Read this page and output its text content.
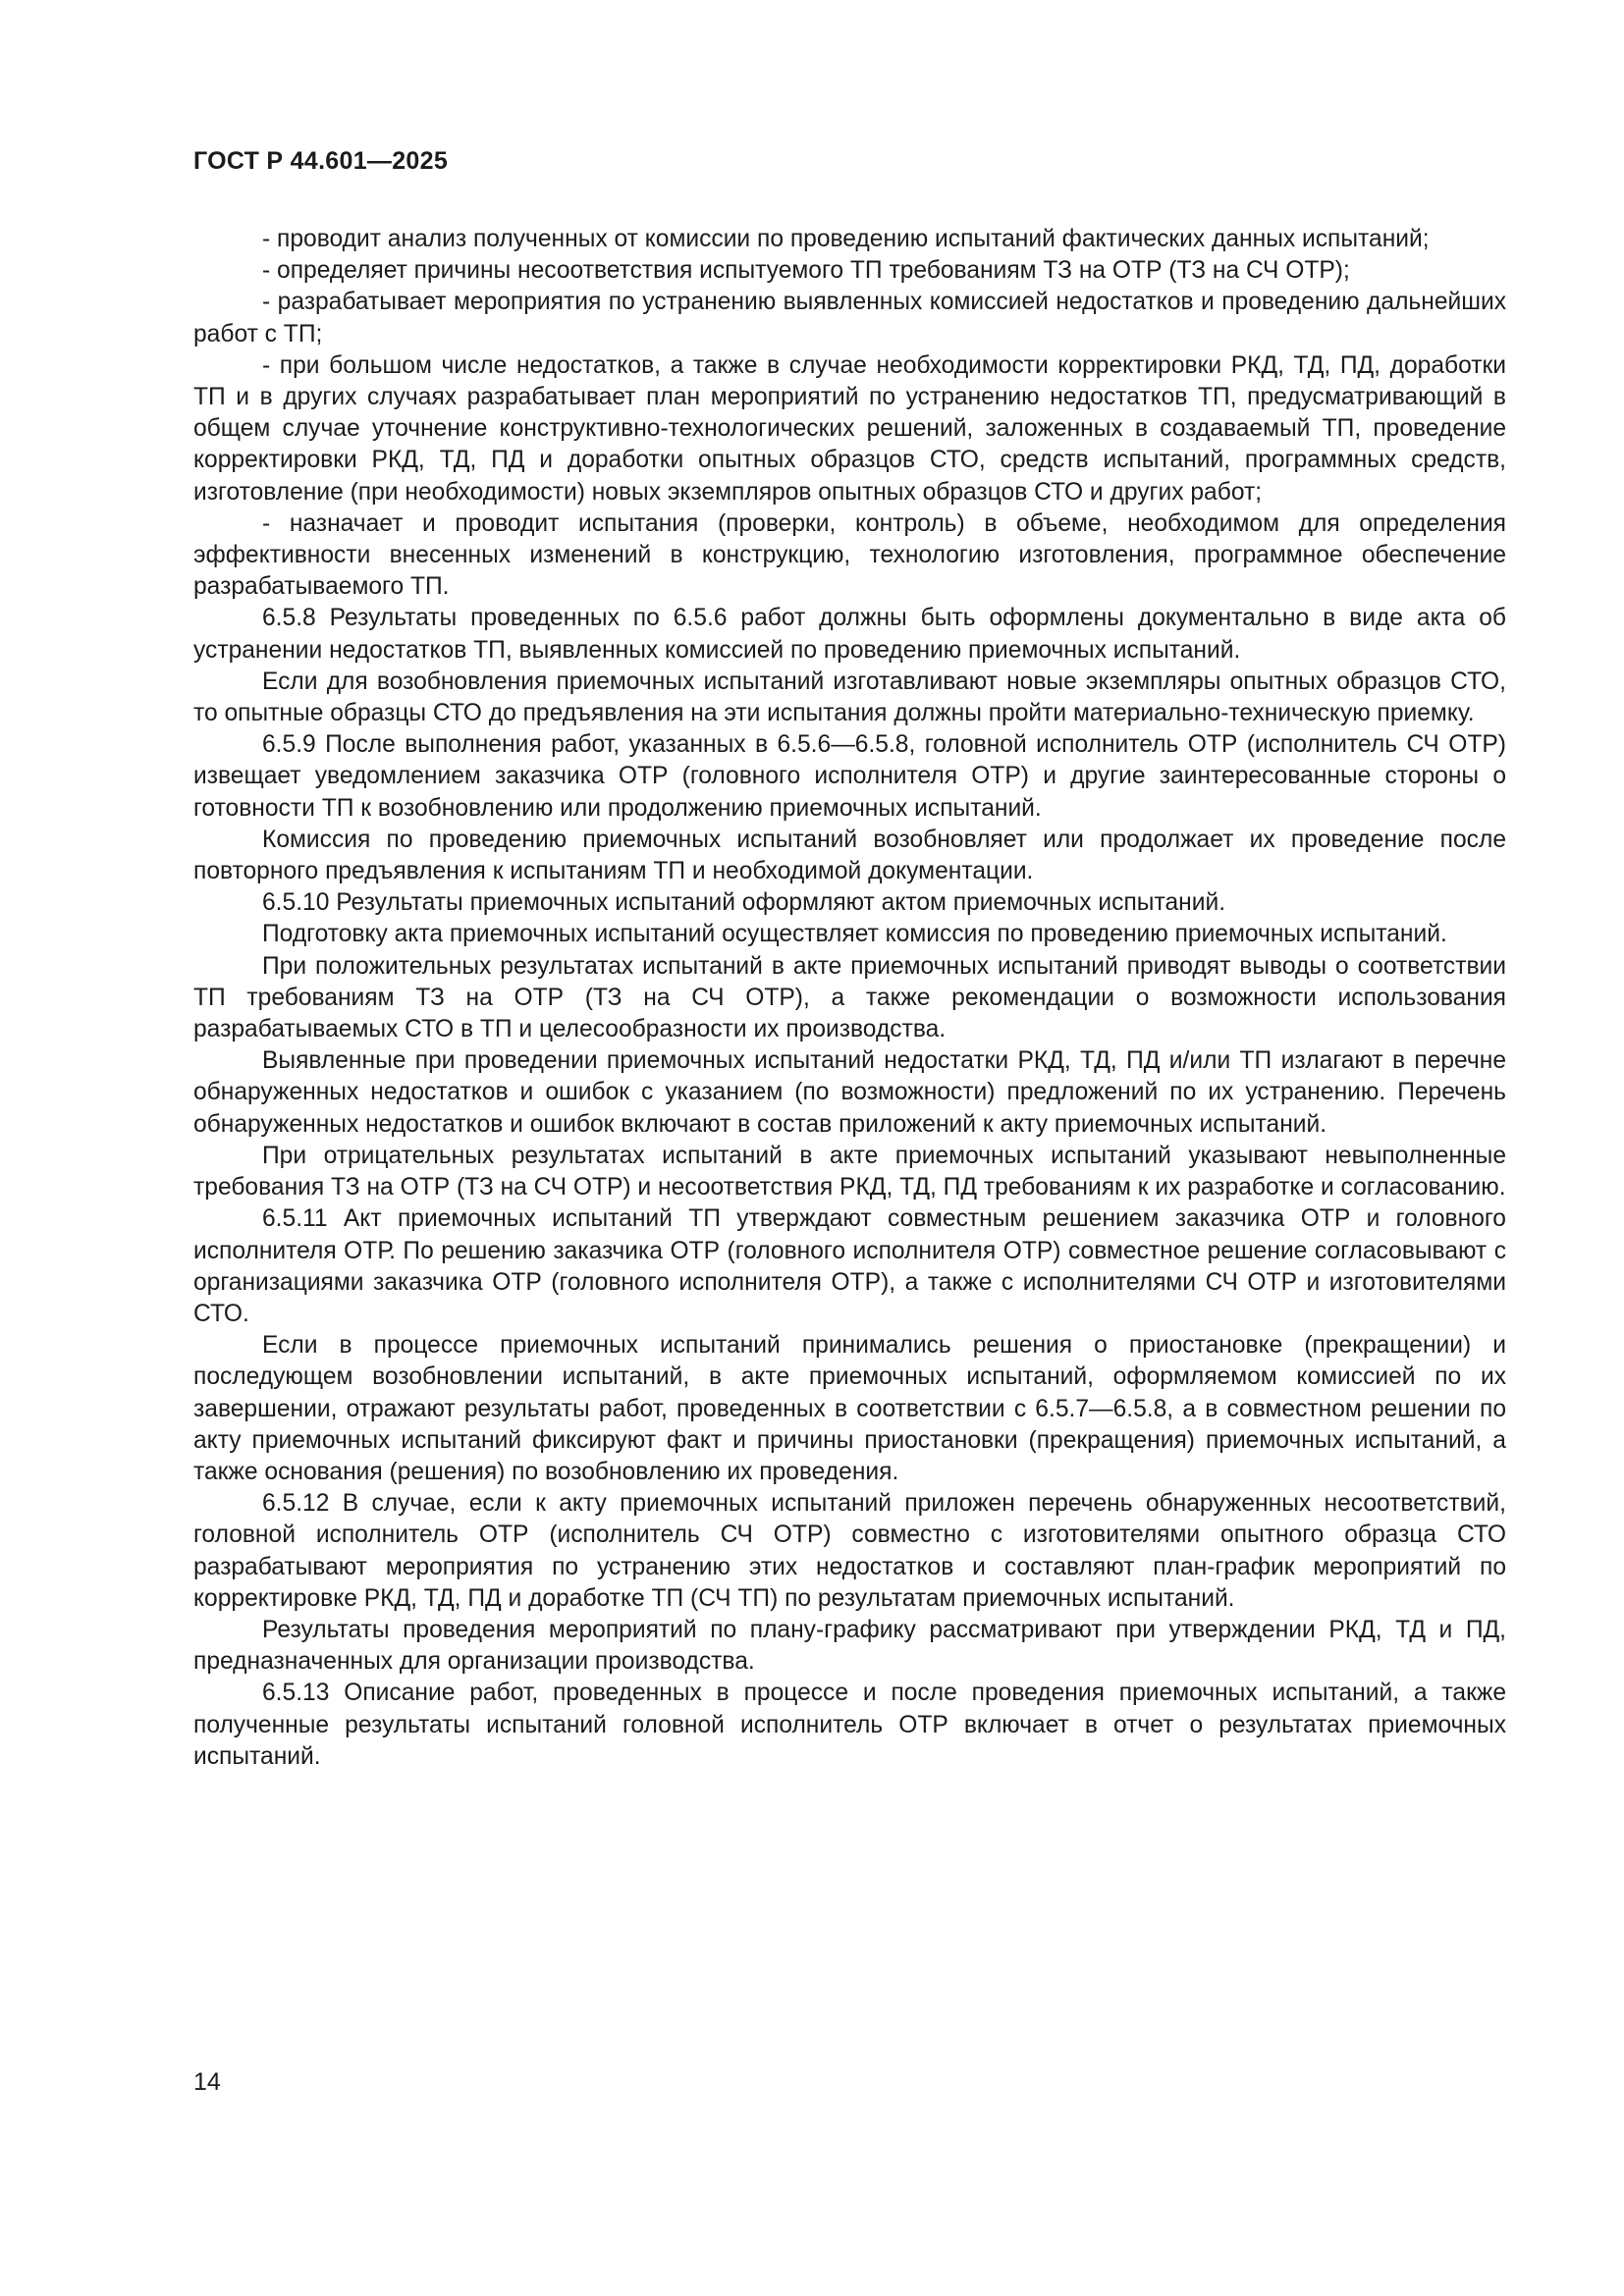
ГОСТ Р 44.601—2025

- проводит анализ полученных от комиссии по проведению испытаний фактических данных испытаний;

- определяет причины несоответствия испытуемого ТП требованиям ТЗ на ОТР (ТЗ на СЧ ОТР);

- разрабатывает мероприятия по устранению выявленных комиссией недостатков и проведению дальнейших работ с ТП;

- при большом числе недостатков, а также в случае необходимости корректировки РКД, ТД, ПД, доработки ТП и в других случаях разрабатывает план мероприятий по устранению недостатков ТП, предусматривающий в общем случае уточнение конструктивно-технологических решений, заложенных в создаваемый ТП, проведение корректировки РКД, ТД, ПД и доработки опытных образцов СТО, средств испытаний, программных средств, изготовление (при необходимости) новых экземпляров опытных образцов СТО и других работ;

- назначает и проводит испытания (проверки, контроль) в объеме, необходимом для определения эффективности внесенных изменений в конструкцию, технологию изготовления, программное обеспечение разрабатываемого ТП.

6.5.8 Результаты проведенных по 6.5.6 работ должны быть оформлены документально в виде акта об устранении недостатков ТП, выявленных комиссией по проведению приемочных испытаний.

Если для возобновления приемочных испытаний изготавливают новые экземпляры опытных образцов СТО, то опытные образцы СТО до предъявления на эти испытания должны пройти материально-техническую приемку.

6.5.9 После выполнения работ, указанных в 6.5.6—6.5.8, головной исполнитель ОТР (исполнитель СЧ ОТР) извещает уведомлением заказчика ОТР (головного исполнителя ОТР) и другие заинтересованные стороны о готовности ТП к возобновлению или продолжению приемочных испытаний.

Комиссия по проведению приемочных испытаний возобновляет или продолжает их проведение после повторного предъявления к испытаниям ТП и необходимой документации.

6.5.10 Результаты приемочных испытаний оформляют актом приемочных испытаний.

Подготовку акта приемочных испытаний осуществляет комиссия по проведению приемочных испытаний.

При положительных результатах испытаний в акте приемочных испытаний приводят выводы о соответствии ТП требованиям ТЗ на ОТР (ТЗ на СЧ ОТР), а также рекомендации о возможности использования разрабатываемых СТО в ТП и целесообразности их производства.

Выявленные при проведении приемочных испытаний недостатки РКД, ТД, ПД и/или ТП излагают в перечне обнаруженных недостатков и ошибок с указанием (по возможности) предложений по их устранению. Перечень обнаруженных недостатков и ошибок включают в состав приложений к акту приемочных испытаний.

При отрицательных результатах испытаний в акте приемочных испытаний указывают невыполненные требования ТЗ на ОТР (ТЗ на СЧ ОТР) и несоответствия РКД, ТД, ПД требованиям к их разработке и согласованию.

6.5.11 Акт приемочных испытаний ТП утверждают совместным решением заказчика ОТР и головного исполнителя ОТР. По решению заказчика ОТР (головного исполнителя ОТР) совместное решение согласовывают с организациями заказчика ОТР (головного исполнителя ОТР), а также с исполнителями СЧ ОТР и изготовителями СТО.

Если в процессе приемочных испытаний принимались решения о приостановке (прекращении) и последующем возобновлении испытаний, в акте приемочных испытаний, оформляемом комиссией по их завершении, отражают результаты работ, проведенных в соответствии с 6.5.7—6.5.8, а в совместном решении по акту приемочных испытаний фиксируют факт и причины приостановки (прекращения) приемочных испытаний, а также основания (решения) по возобновлению их проведения.

6.5.12 В случае, если к акту приемочных испытаний приложен перечень обнаруженных несоответствий, головной исполнитель ОТР (исполнитель СЧ ОТР) совместно с изготовителями опытного образца СТО разрабатывают мероприятия по устранению этих недостатков и составляют план-график мероприятий по корректировке РКД, ТД, ПД и доработке ТП (СЧ ТП) по результатам приемочных испытаний.

Результаты проведения мероприятий по плану-графику рассматривают при утверждении РКД, ТД и ПД, предназначенных для организации производства.

6.5.13 Описание работ, проведенных в процессе и после проведения приемочных испытаний, а также полученные результаты испытаний головной исполнитель ОТР включает в отчет о результатах приемочных испытаний.

14
